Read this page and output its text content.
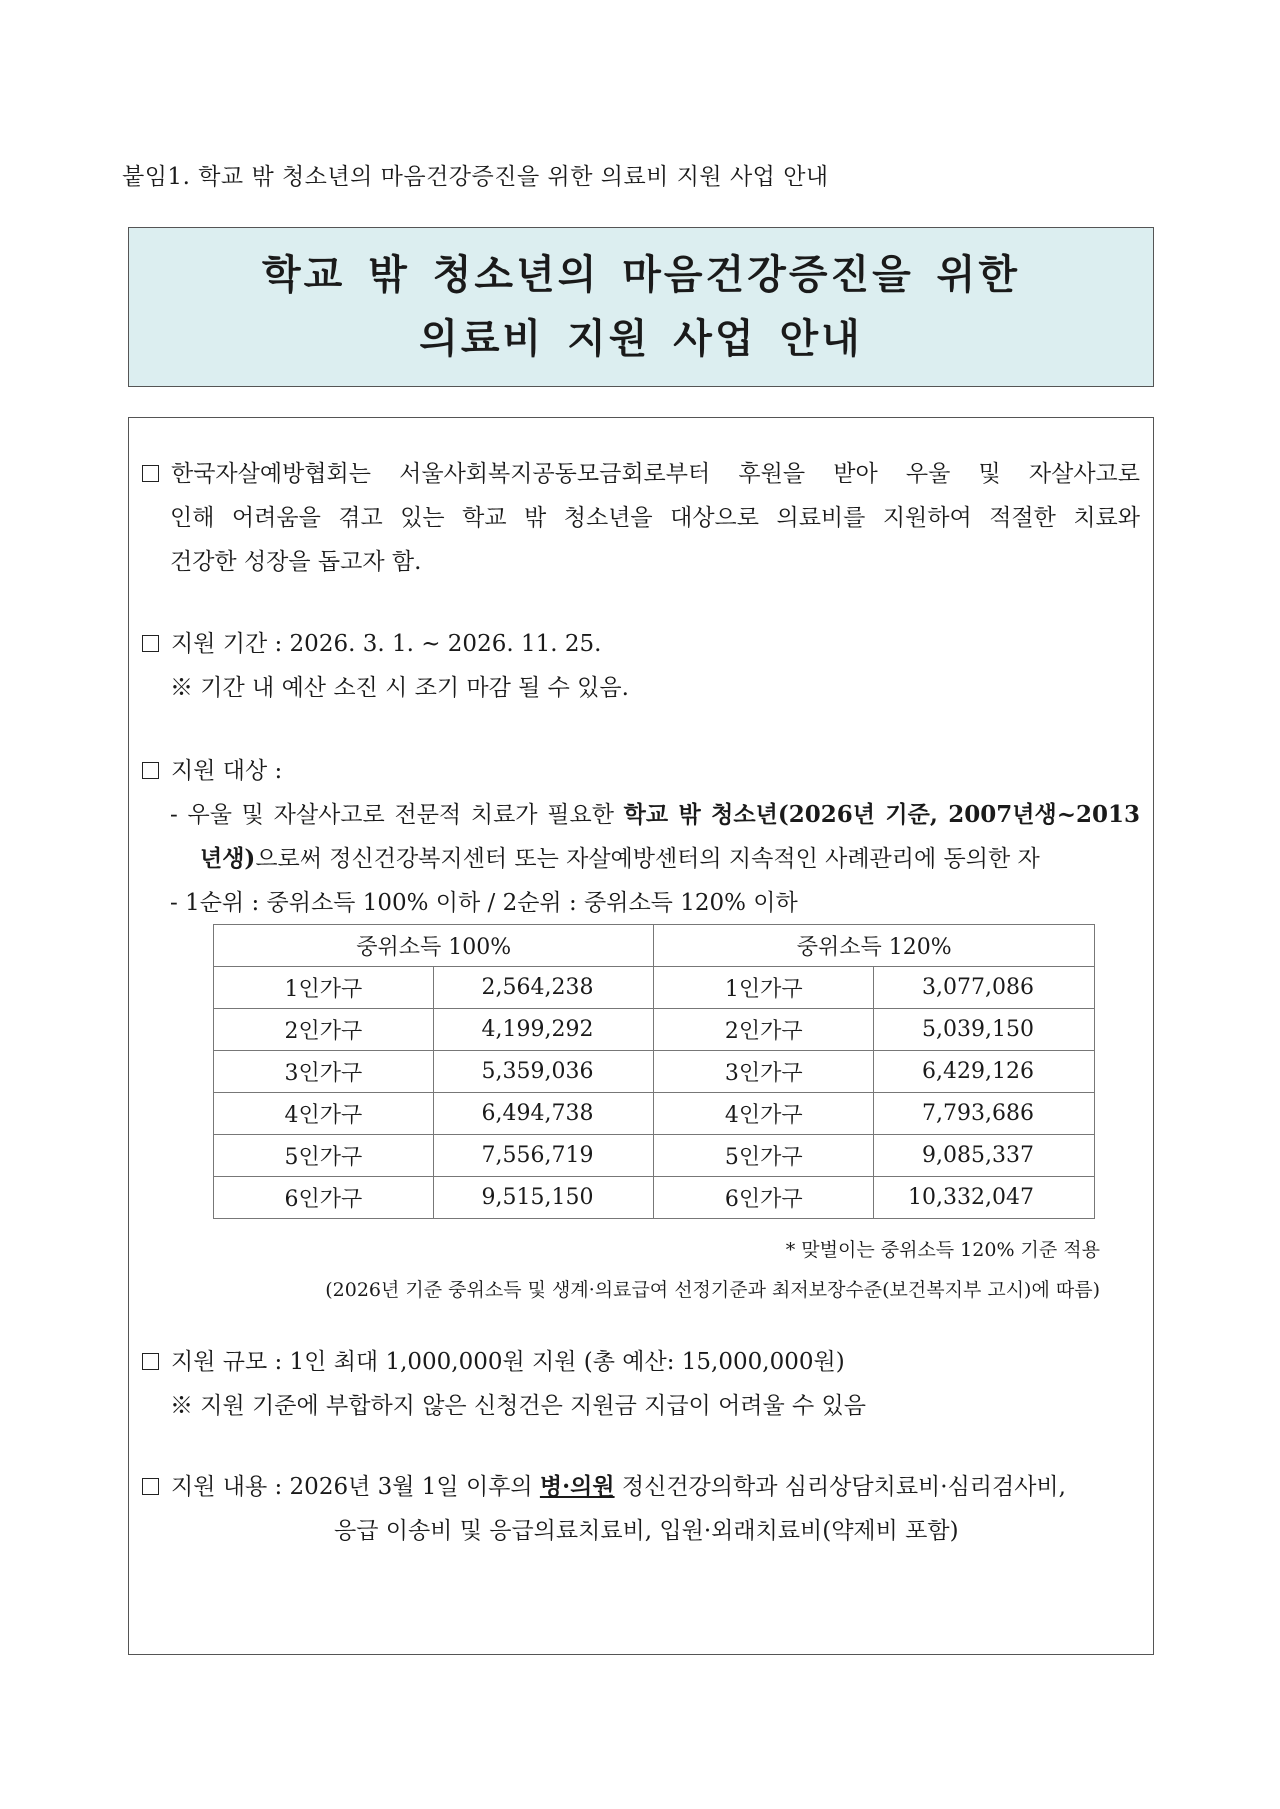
붙임1. 학교 밖 청소년의 마음건강증진을 위한 의료비 지원 사업 안내
학교 밖 청소년의 마음건강증진을 위한
의료비 지원 사업 안내
한국자살예방협회는 서울사회복지공동모금회로부터 후원을 받아 우울 및 자살사고로
인해 어려움을 겪고 있는 학교 밖 청소년을 대상으로 의료비를 지원하여 적절한 치료와
건강한 성장을 돕고자 함.
지원 기간 : 2026. 3. 1. ~ 2026. 11. 25.
※ 기간 내 예산 소진 시 조기 마감 될 수 있음.
지원 대상 :
- 우울 및 자살사고로 전문적 치료가 필요한 학교 밖 청소년(2026년 기준, 2007년생~2013
년생)으로써 정신건강복지센터 또는 자살예방센터의 지속적인 사례관리에 동의한 자
- 1순위 : 중위소득 100% 이하 / 2순위 : 중위소득 120% 이하
중위소득 100%		중위소득 120%	
1인가구	2,564,238	1인가구	3,077,086
2인가구	4,199,292	2인가구	5,039,150
3인가구	5,359,036	3인가구	6,429,126
4인가구	6,494,738	4인가구	7,793,686
5인가구	7,556,719	5인가구	9,085,337
6인가구	9,515,150	6인가구	10,332,047
* 맞벌이는 중위소득 120% 기준 적용
(2026년 기준 중위소득 및 생계·의료급여 선정기준과 최저보장수준(보건복지부 고시)에 따름)
지원 규모 : 1인 최대 1,000,000원 지원 (총 예산: 15,000,000원)
※ 지원 기준에 부합하지 않은 신청건은 지원금 지급이 어려울 수 있음
지원 내용 : 2026년 3월 1일 이후의 병·의원 정신건강의학과 심리상담치료비·심리검사비,
응급 이송비 및 응급의료치료비, 입원·외래치료비(약제비 포함)
